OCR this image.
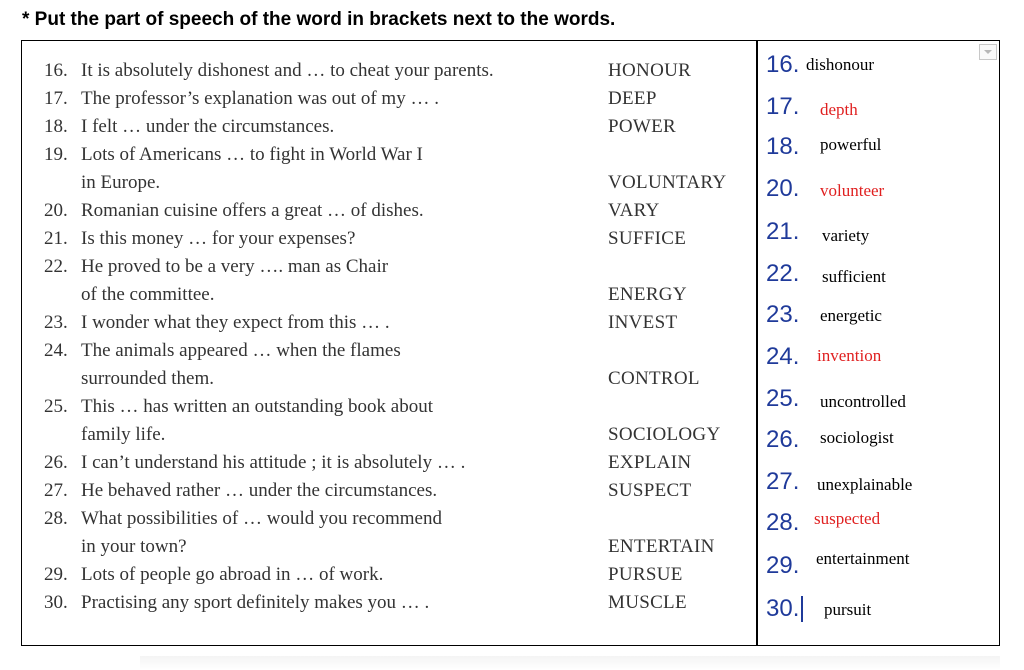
* Put the part of speech of the word in brackets next to the words.
16. It is absolutely dishonest and … to cheat your parents.	HONOUR
17. The professor’s explanation was out of my … .	DEEP
18. I felt … under the circumstances.	POWER
19. Lots of Americans … to fight in World War I
in Europe.	VOLUNTARY
20. Romanian cuisine offers a great … of dishes.	VARY
21. Is this money … for your expenses?	SUFFICE
22. He proved to be a very …. man as Chair
of the committee.	ENERGY
23. I wonder what they expect from this … .	INVEST
24. The animals appeared … when the flames
surrounded them.	CONTROL
25. This … has written an outstanding book about
family life.	SOCIOLOGY
26. I can’t understand his attitude ; it is absolutely … .	EXPLAIN
27. He behaved rather … under the circumstances.	SUSPECT
28. What possibilities of … would you recommend
in your town?	ENTERTAIN
29. Lots of people go abroad in … of work.	PURSUE
30. Practising any sport definitely makes you … .	MUSCLE
16. dishonour
17. depth
18. powerful
20. volunteer
21. variety
22. sufficient
23. energetic
24. invention
25. uncontrolled
26. sociologist
27. unexplainable
28. suspected
29. entertainment
30. pursuit
